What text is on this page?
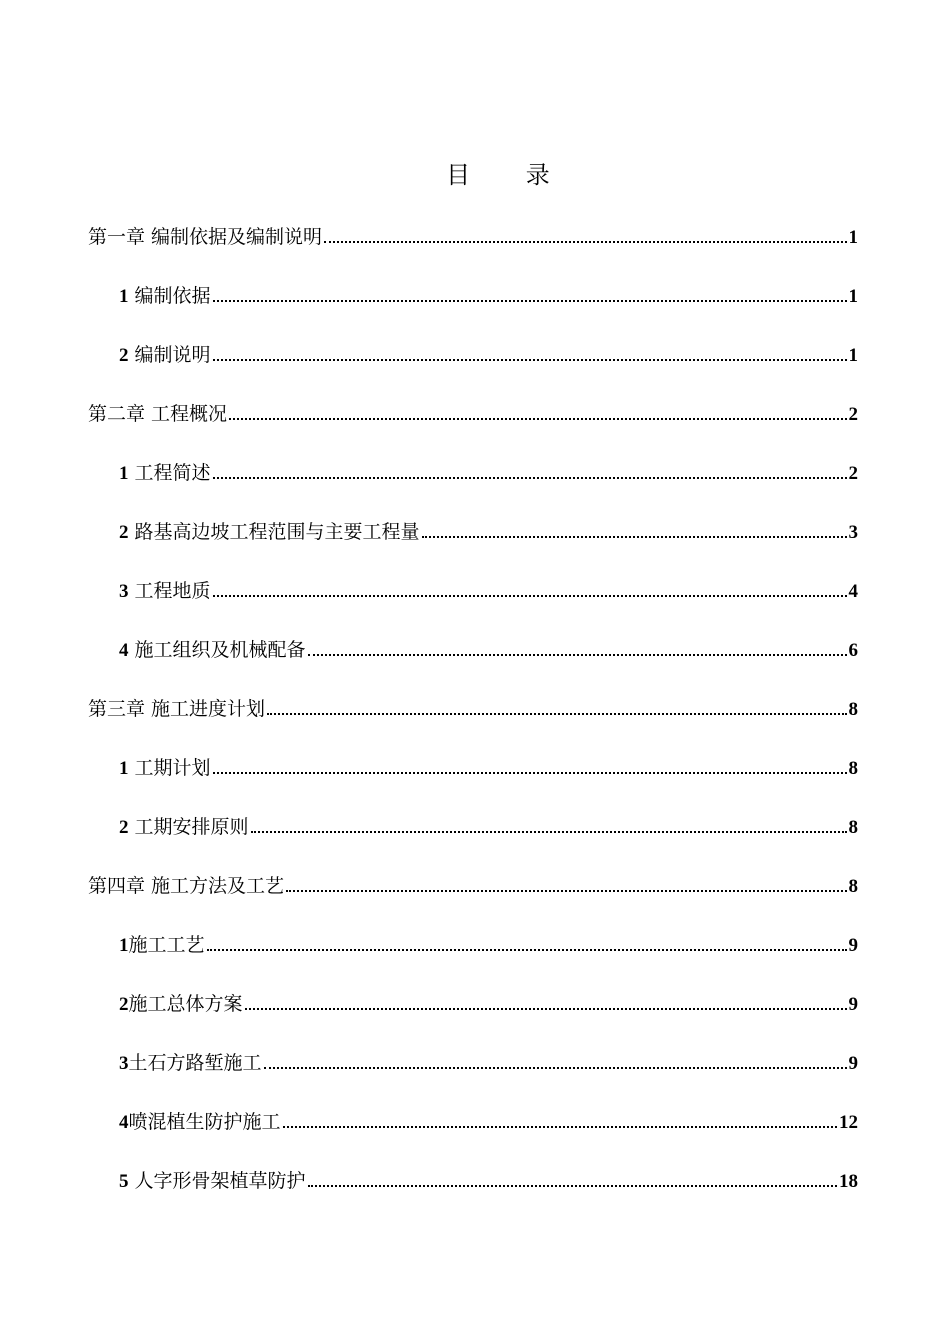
目 录
第一章 编制依据及编制说明	1
1 编制依据	1
2 编制说明	1
第二章 工程概况	2
1 工程简述	2
2 路基高边坡工程范围与主要工程量	3
3 工程地质	4
4 施工组织及机械配备	6
第三章 施工进度计划	8
1 工期计划	8
2 工期安排原则	8
第四章 施工方法及工艺	8
1施工工艺	9
2施工总体方案	9
3土石方路堑施工	9
4喷混植生防护施工	12
5 人字形骨架植草防护	18
